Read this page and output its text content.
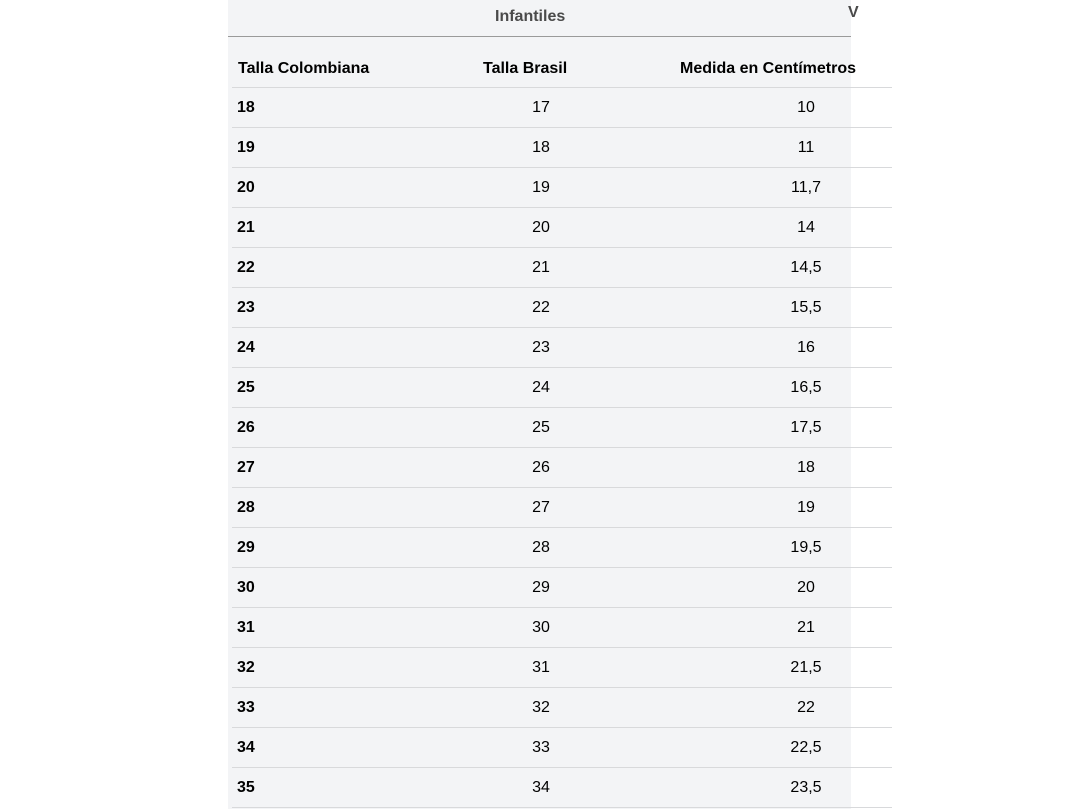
Infantiles	V
Talla Colombiana	Talla Brasil	Medida en Centímetros
18	17	10
19	18	11
20	19	11,7
21	20	14
22	21	14,5
23	22	15,5
24	23	16
25	24	16,5
26	25	17,5
27	26	18
28	27	19
29	28	19,5
30	29	20
31	30	21
32	31	21,5
33	32	22
34	33	22,5
35	34	23,5
